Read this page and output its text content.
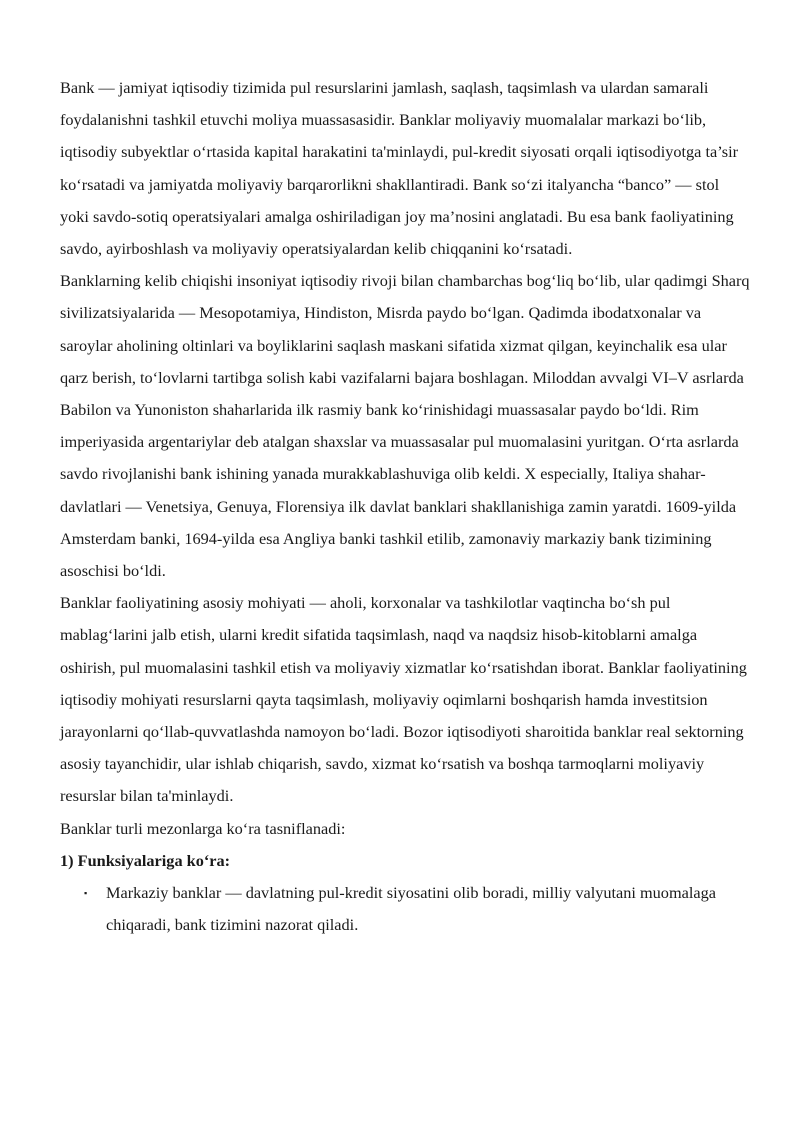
Bank — jamiyat iqtisodiy tizimida pul resurslarini jamlash, saqlash, taqsimlash va ulardan samarali foydalanishni tashkil etuvchi moliya muassasasidir. Banklar moliyaviy muomalalar markazi bo‘lib, iqtisodiy subyektlar o‘rtasida kapital harakatini ta'minlaydi, pul-kredit siyosati orqali iqtisodiyotga ta’sir ko‘rsatadi va jamiyatda moliyaviy barqarorlikni shakllantiradi. Bank so‘zi italyancha “banco” — stol yoki savdo-sotiq operatsiyalari amalga oshiriladigan joy ma’nosini anglatadi. Bu esa bank faoliyatining savdo, ayirboshlash va moliyaviy operatsiyalardan kelib chiqqanini ko‘rsatadi.

Banklarning kelib chiqishi insoniyat iqtisodiy rivoji bilan chambarchas bog‘liq bo‘lib, ular qadimgi Sharq sivilizatsiyalarida — Mesopotamiya, Hindiston, Misrda paydo bo‘lgan. Qadimda ibodatxonalar va saroylar aholining oltinlari va boyliklarini saqlash maskani sifatida xizmat qilgan, keyinchalik esa ular qarz berish, to‘lovlarni tartibga solish kabi vazifalarni bajara boshlagan. Miloddan avvalgi VI–V asrlarda Babilon va Yunoniston shaharlarida ilk rasmiy bank ko‘rinishidagi muassasalar paydo bo‘ldi. Rim imperiyasida argentariylar deb atalgan shaxslar va muassasalar pul muomalasini yuritgan. O‘rta asrlarda savdo rivojlanishi bank ishining yanada murakkablashuviga olib keldi. X especially, Italiya shahar-davlatlari — Venetsiya, Genuya, Florensiya ilk davlat banklari shakllanishiga zamin yaratdi. 1609-yilda Amsterdam banki, 1694-yilda esa Angliya banki tashkil etilib, zamonaviy markaziy bank tizimining asoschisi bo‘ldi.

Banklar faoliyatining asosiy mohiyati — aholi, korxonalar va tashkilotlar vaqtincha bo‘sh pul mablag‘larini jalb etish, ularni kredit sifatida taqsimlash, naqd va naqdsiz hisob-kitoblarni amalga oshirish, pul muomalasini tashkil etish va moliyaviy xizmatlar ko‘rsatishdan iborat. Banklar faoliyatining iqtisodiy mohiyati resurslarni qayta taqsimlash, moliyaviy oqimlarni boshqarish hamda investitsion jarayonlarni qo‘llab-quvvatlashda namoyon bo‘ladi. Bozor iqtisodiyoti sharoitida banklar real sektorning asosiy tayanchidir, ular ishlab chiqarish, savdo, xizmat ko‘rsatish va boshqa tarmoqlarni moliyaviy resurslar bilan ta'minlaydi.

Banklar turli mezonlarga ko‘ra tasniflanadi:

1) Funksiyalariga ko‘ra:

▪ Markaziy banklar — davlatning pul-kredit siyosatini olib boradi, milliy valyutani muomalaga chiqaradi, bank tizimini nazorat qiladi.
